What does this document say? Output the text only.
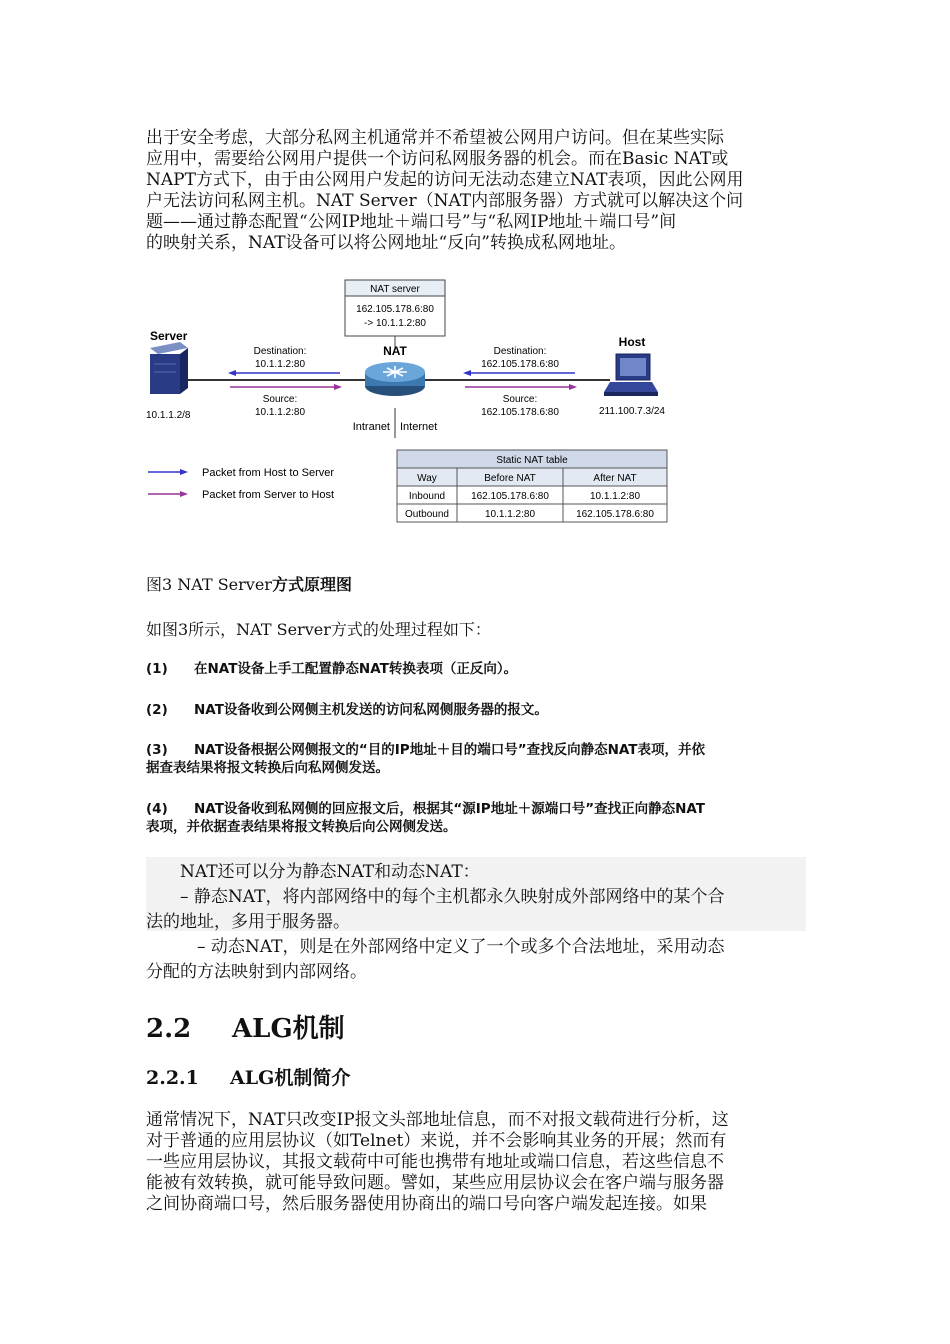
出于安全考虑，大部分私网主机通常并不希望被公网用户访问。但在某些实际
应用中，需要给公网用户提供一个访问私网服务器的机会。而在Basic NAT或
NAPT方式下，由于由公网用户发起的访问无法动态建立NAT表项，因此公网用
户无法访问私网主机。NAT Server（NAT内部服务器）方式就可以解决这个问
题——通过静态配置“公网IP地址＋端口号”与“私网IP地址＋端口号”间
的映射关系，NAT设备可以将公网地址“反向”转换成私网地址。
NAT server
162.105.178.6:80
-> 10.1.1.2:80
Server
10.1.1.2/8
NAT
Destination:
10.1.1.2:80
Source:
10.1.1.2:80
Destination:
162.105.178.6:80
Source:
162.105.178.6:80
Host
211.100.7.3/24
Intranet Internet
Packet from Host to Server
Packet from Server to Host
Static NAT table
Way	Before NAT	After NAT
Inbound	162.105.178.6:80	10.1.1.2:80
Outbound	10.1.1.2:80	162.105.178.6:80
图3 NAT Server方式原理图
如图3所示，NAT Server方式的处理过程如下：
(1) 在NAT设备上手工配置静态NAT转换表项（正反向）。
(2) NAT设备收到公网侧主机发送的访问私网侧服务器的报文。
(3) NAT设备根据公网侧报文的“目的IP地址＋目的端口号”查找反向静态NAT表项，并依
据查表结果将报文转换后向私网侧发送。
(4) NAT设备收到私网侧的回应报文后，根据其“源IP地址＋源端口号”查找正向静态NAT
表项，并依据查表结果将报文转换后向公网侧发送。
　　NAT还可以分为静态NAT和动态NAT：
　　– 静态NAT，将内部网络中的每个主机都永久映射成外部网络中的某个合
法的地址，多用于服务器。
　　　– 动态NAT，则是在外部网络中定义了一个或多个合法地址，采用动态
分配的方法映射到内部网络。
2.2 ALG机制
2.2.1 ALG机制简介
通常情况下，NAT只改变IP报文头部地址信息，而不对报文载荷进行分析，这
对于普通的应用层协议（如Telnet）来说，并不会影响其业务的开展；然而有
一些应用层协议，其报文载荷中可能也携带有地址或端口信息，若这些信息不
能被有效转换，就可能导致问题。譬如，某些应用层协议会在客户端与服务器
之间协商端口号，然后服务器使用协商出的端口号向客户端发起连接。如果
